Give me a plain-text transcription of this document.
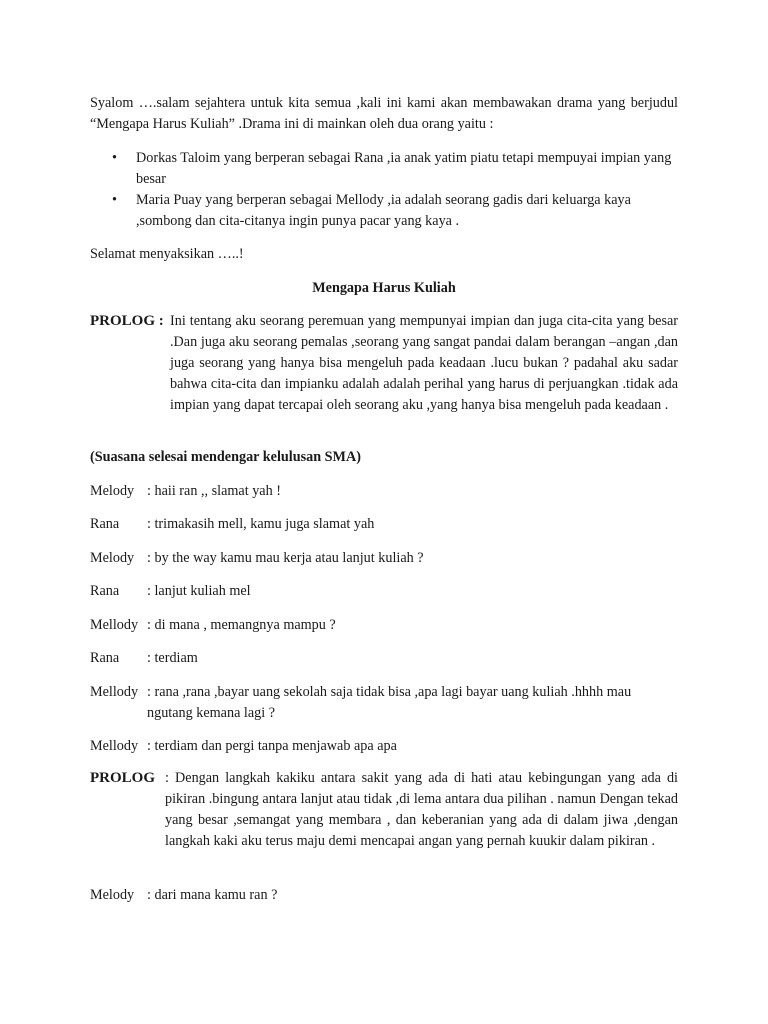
Syalom ….salam sejahtera untuk kita semua ,kali ini kami akan membawakan drama yang berjudul “Mengapa Harus Kuliah” .Drama ini di mainkan oleh dua orang yaitu :
• Dorkas Taloim yang berperan sebagai Rana ,ia anak yatim piatu tetapi mempuyai impian yang besar
• Maria Puay yang berperan sebagai Mellody ,ia adalah seorang gadis dari keluarga kaya ,sombong dan cita-citanya ingin punya pacar yang kaya .
Selamat menyaksikan …..!
Mengapa Harus Kuliah
PROLOG : Ini tentang aku seorang peremuan yang mempunyai impian dan juga cita-cita yang besar .Dan juga aku seorang pemalas ,seorang yang sangat pandai dalam berangan –angan ,dan juga seorang yang hanya bisa mengeluh pada keadaan .lucu bukan ? padahal aku sadar bahwa cita-cita dan impianku adalah adalah perihal yang harus di perjuangkan .tidak ada impian yang dapat tercapai oleh seorang aku ,yang hanya bisa mengeluh pada keadaan .
(Suasana selesai mendengar kelulusan SMA)
Melody : haii ran ,, slamat yah !
Rana	: trimakasih mell, kamu juga slamat yah
Melody : by the way kamu mau kerja atau lanjut kuliah ?
Rana	: lanjut kuliah mel
Mellody : di mana , memangnya mampu ?
Rana	: terdiam
Mellody : rana ,rana ,bayar uang sekolah saja tidak bisa ,apa lagi bayar uang kuliah .hhhh mau ngutang kemana lagi ?
Mellody : terdiam dan pergi tanpa menjawab apa apa
PROLOG : Dengan langkah kakiku antara sakit yang ada di hati atau kebingungan yang ada di pikiran .bingung antara lanjut atau tidak ,di lema antara dua pilihan . namun Dengan tekad yang besar ,semangat yang membara , dan keberanian yang ada di dalam jiwa ,dengan langkah kaki aku terus maju demi mencapai angan yang pernah kuukir dalam pikiran .
Melody : dari mana kamu ran ?
